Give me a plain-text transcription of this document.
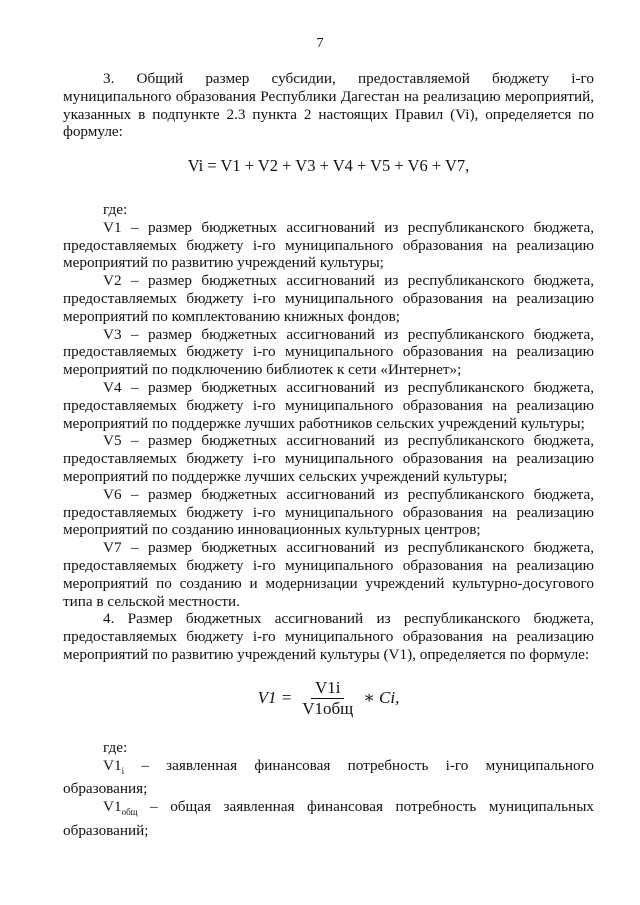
7

3. Общий размер субсидии, предоставляемой бюджету i-го муниципального образования Республики Дагестан на реализацию мероприятий, указанных в подпункте 2.3 пункта 2 настоящих Правил (Vi), определяется по формуле:

Vi = V1 + V2 + V3 + V4 + V5 + V6 + V7,

где:

V1 – размер бюджетных ассигнований из республиканского бюджета, предоставляемых бюджету i-го муниципального образования на реализацию мероприятий по развитию учреждений культуры;

V2 – размер бюджетных ассигнований из республиканского бюджета, предоставляемых бюджету i-го муниципального образования на реализацию мероприятий по комплектованию книжных фондов;

V3 – размер бюджетных ассигнований из республиканского бюджета, предоставляемых бюджету i-го муниципального образования на реализацию мероприятий по подключению библиотек к сети «Интернет»;

V4 – размер бюджетных ассигнований из республиканского бюджета, предоставляемых бюджету i-го муниципального образования на реализацию мероприятий по поддержке лучших работников сельских учреждений культуры;

V5 – размер бюджетных ассигнований из республиканского бюджета, предоставляемых бюджету i-го муниципального образования на реализацию мероприятий по поддержке лучших сельских учреждений культуры;

V6 – размер бюджетных ассигнований из республиканского бюджета, предоставляемых бюджету i-го муниципального образования на реализацию мероприятий по созданию инновационных культурных центров;

V7 – размер бюджетных ассигнований из республиканского бюджета, предоставляемых бюджету i-го муниципального образования на реализацию мероприятий по созданию и модернизации учреждений культурно-досугового типа в сельской местности.

4. Размер бюджетных ассигнований из республиканского бюджета, предоставляемых бюджету i-го муниципального образования на реализацию мероприятий по развитию учреждений культуры (V1), определяется по формуле:

$V1 = \frac{V1i}{\text{V1общ}}$ ∗ Ci,

где:

$V1_i$ – заявленная финансовая потребность i-го муниципального образования;

$V1_{общ}$ – общая заявленная финансовая потребность муниципальных образований;
